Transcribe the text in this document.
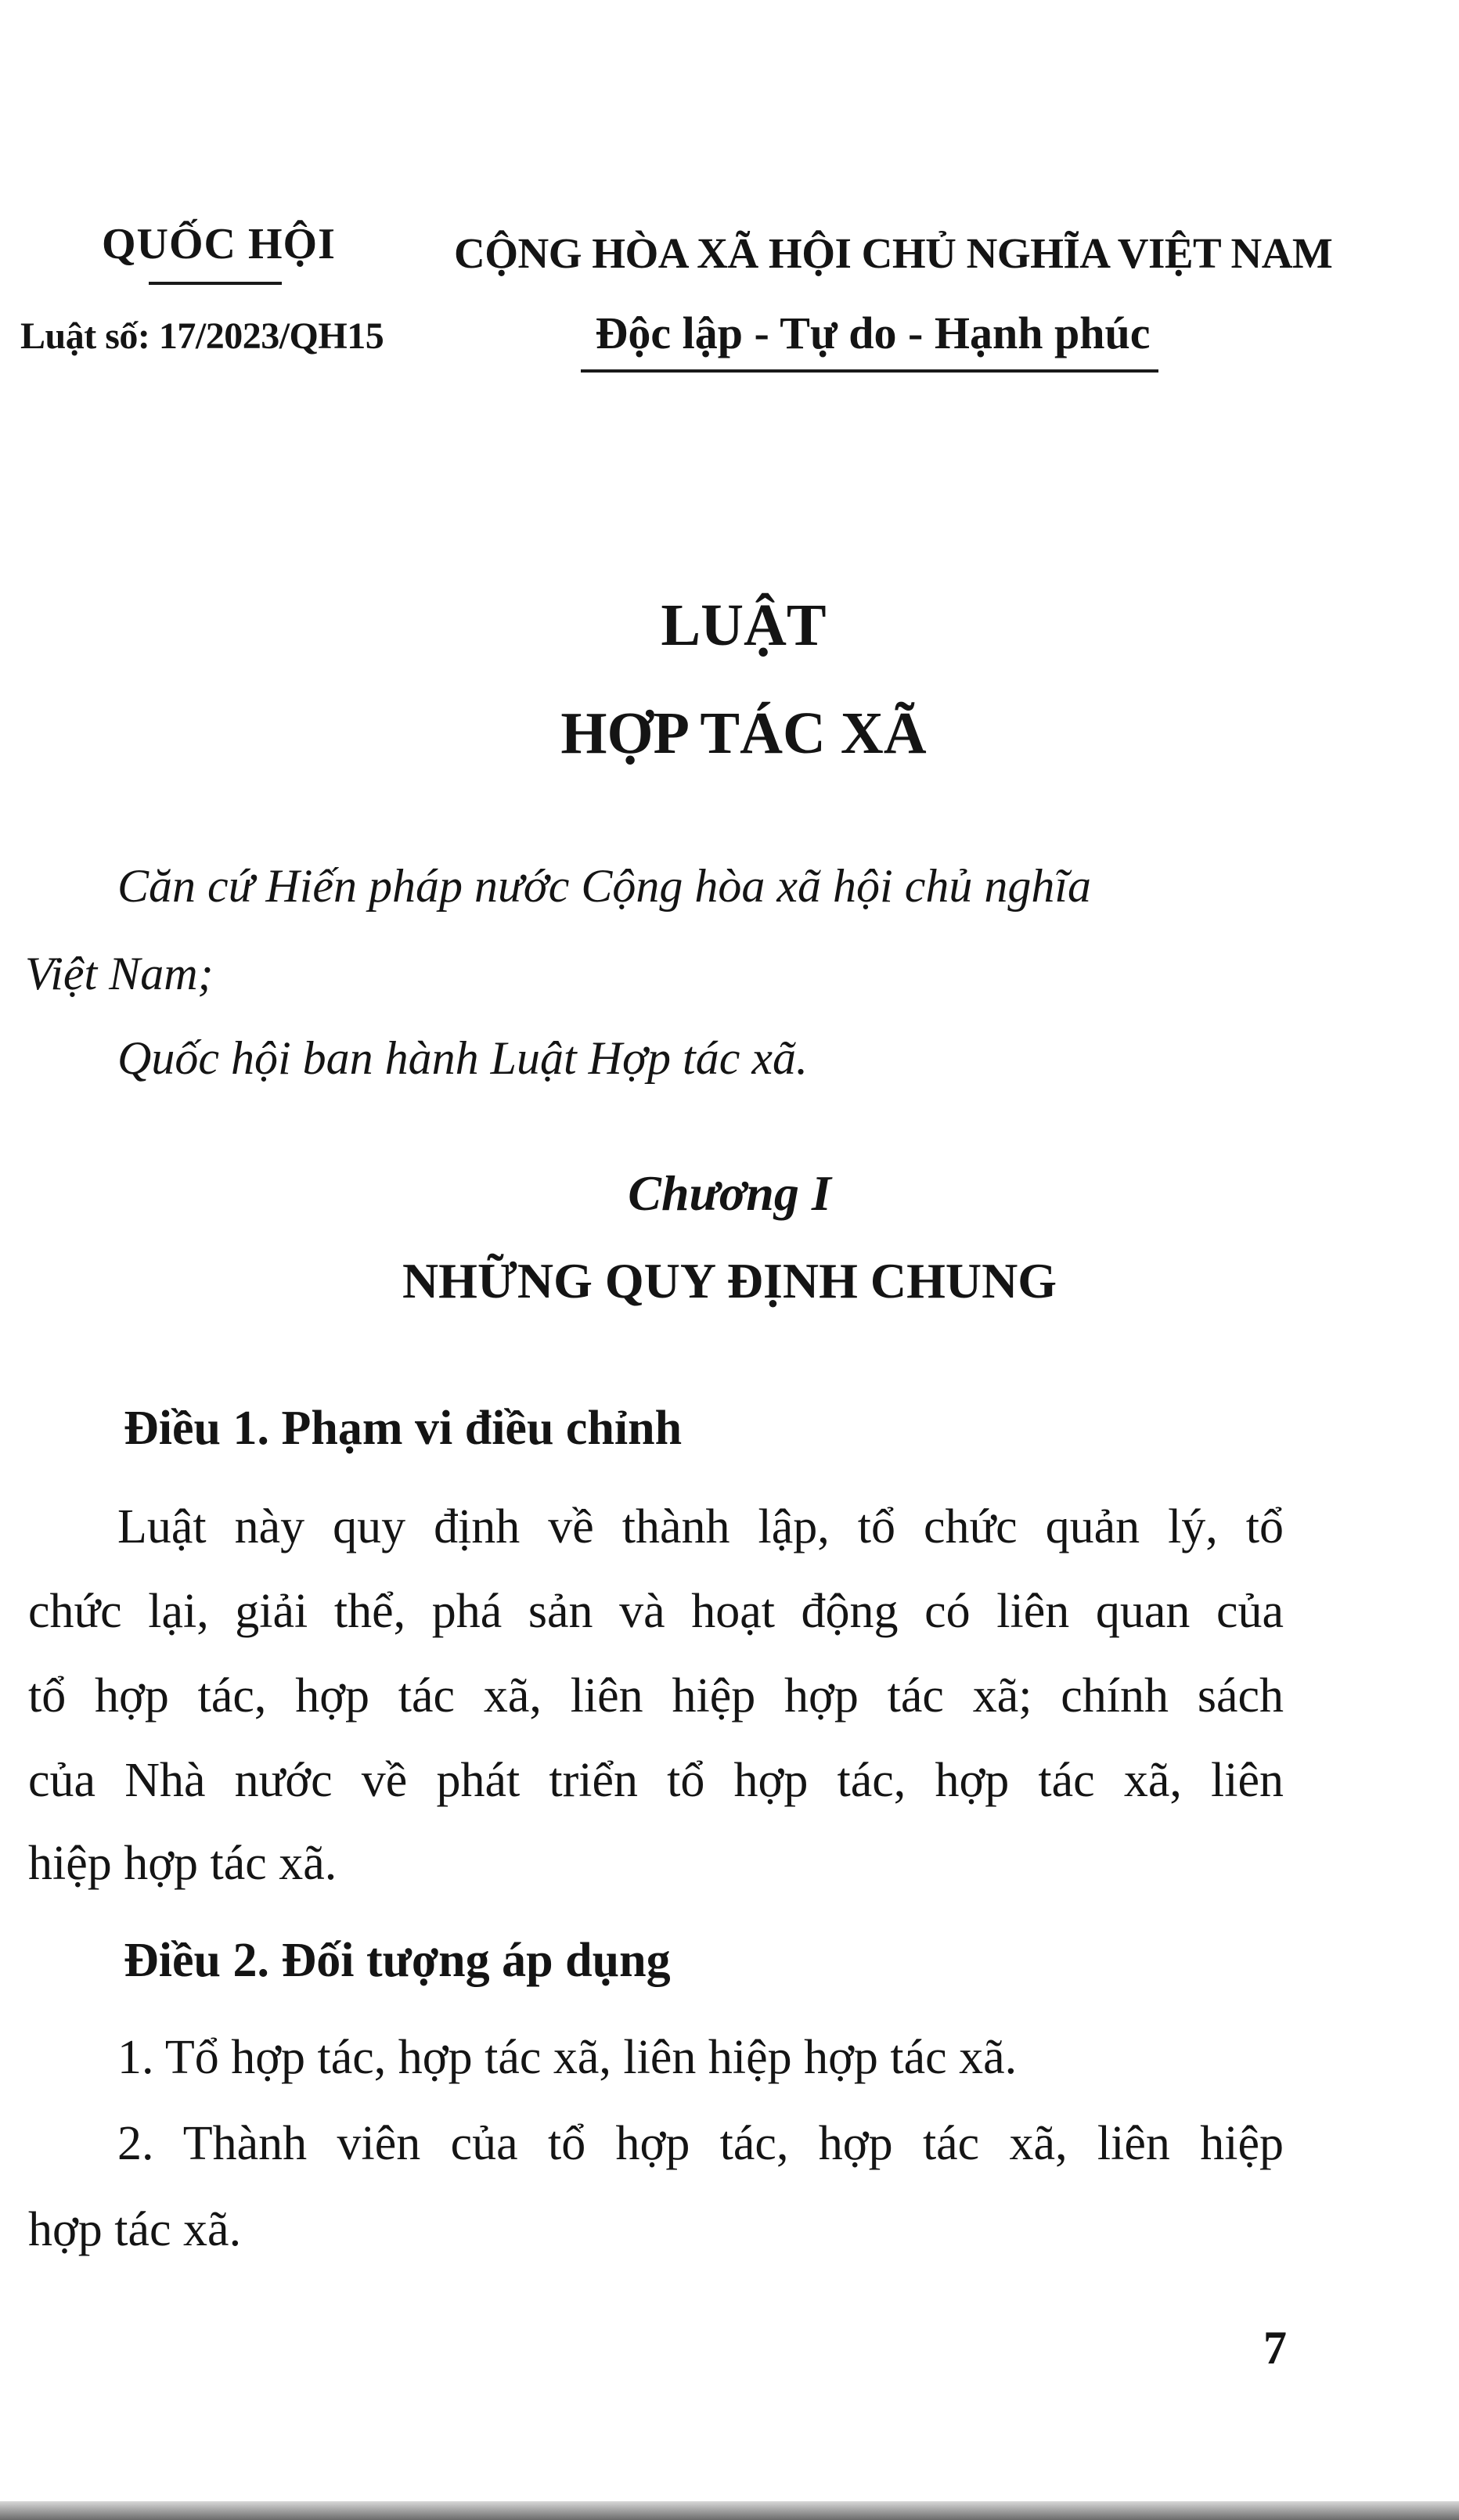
QUỐC HỘI
Luật số: 17/2023/QH15
CỘNG HÒA XÃ HỘI CHỦ NGHĨA VIỆT NAM
Độc lập - Tự do - Hạnh phúc
LUẬT
HỢP TÁC XÃ
Căn cứ Hiến pháp nước Cộng hòa xã hội chủ nghĩa
Việt Nam;
Quốc hội ban hành Luật Hợp tác xã.
Chương I
NHỮNG QUY ĐỊNH CHUNG
Điều 1. Phạm vi điều chỉnh
Luật này quy định về thành lập, tổ chức quản lý, tổ
chức lại, giải thể, phá sản và hoạt động có liên quan của
tổ hợp tác, hợp tác xã, liên hiệp hợp tác xã; chính sách
của Nhà nước về phát triển tổ hợp tác, hợp tác xã, liên
hiệp hợp tác xã.
Điều 2. Đối tượng áp dụng
1. Tổ hợp tác, hợp tác xã, liên hiệp hợp tác xã.
2. Thành viên của tổ hợp tác, hợp tác xã, liên hiệp
hợp tác xã.
7
